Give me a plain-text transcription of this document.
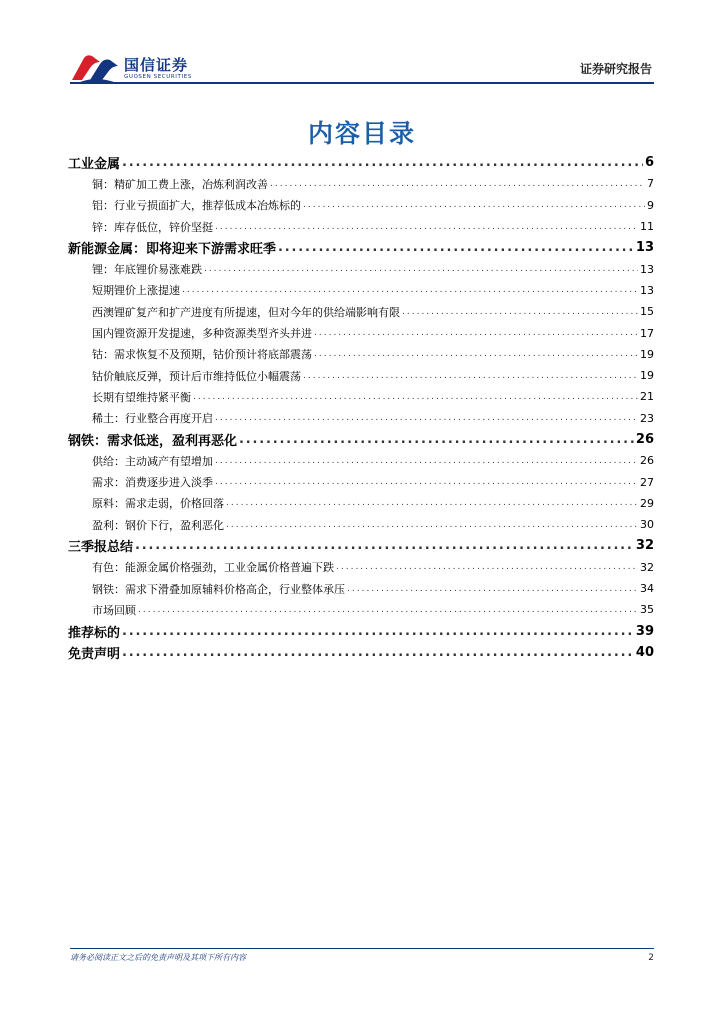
国信证券
GUOSEN SECURITIES
证券研究报告
内容目录
工业金属 .....	6
铜：精矿加工费上涨，冶炼利润改善 .....	7
铝：行业亏损面扩大，推荐低成本冶炼标的 .....	9
锌：库存低位，锌价坚挺 .....	11
新能源金属：即将迎来下游需求旺季 .....	13
锂：年底锂价易涨难跌 .....	13
短期锂价上涨提速 .....	13
西澳锂矿复产和扩产进度有所提速，但对今年的供给端影响有限 .....	15
国内锂资源开发提速，多种资源类型齐头并进 .....	17
钴：需求恢复不及预期，钴价预计将底部震荡 .....	19
钴价触底反弹，预计后市维持低位小幅震荡 .....	19
长期有望维持紧平衡 .....	21
稀土：行业整合再度开启 .....	23
钢铁：需求低迷，盈利再恶化 .....	26
供给：主动减产有望增加 .....	26
需求：消费逐步进入淡季 .....	27
原料：需求走弱，价格回落 .....	29
盈利：钢价下行，盈利恶化 .....	30
三季报总结 .....	32
有色：能源金属价格强劲，工业金属价格普遍下跌 .....	32
钢铁：需求下滑叠加原辅料价格高企，行业整体承压 .....	34
市场回顾 .....	35
推荐标的 .....	39
免责声明 .....	40
请务必阅读正文之后的免责声明及其项下所有内容	2
